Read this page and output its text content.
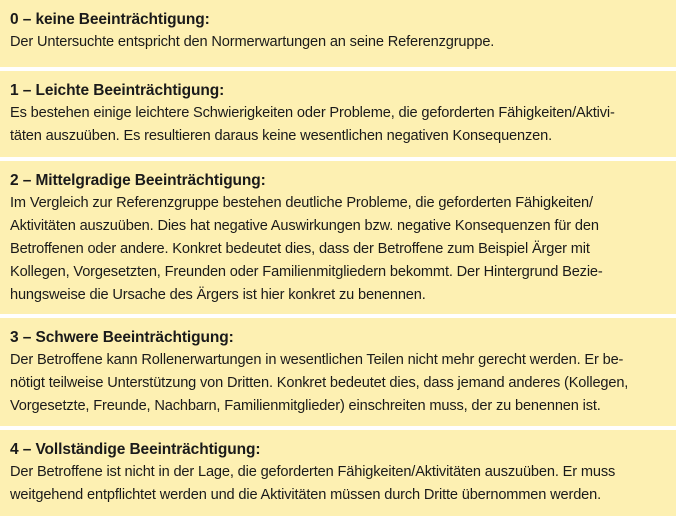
0 – keine Beeinträchtigung:
Der Untersuchte entspricht den Normerwartungen an seine Referenzgruppe.
1 – Leichte Beeinträchtigung:
Es bestehen einige leichtere Schwierigkeiten oder Probleme, die geforderten Fähigkeiten/Aktivi-
täten auszuüben. Es resultieren daraus keine wesentlichen negativen Konsequenzen.
2 – Mittelgradige Beeinträchtigung:
Im Vergleich zur Referenzgruppe bestehen deutliche Probleme, die geforderten Fähigkeiten/
Aktivitäten auszuüben. Dies hat negative Auswirkungen bzw. negative Konsequenzen für den
Betroffenen oder andere. Konkret bedeutet dies, dass der Betroffene zum Beispiel Ärger mit
Kollegen, Vorgesetzten, Freunden oder Familienmitgliedern bekommt. Der Hintergrund Bezie-
hungsweise die Ursache des Ärgers ist hier konkret zu benennen.
3 – Schwere Beeinträchtigung:
Der Betroffene kann Rollenerwartungen in wesentlichen Teilen nicht mehr gerecht werden. Er be-
nötigt teilweise Unterstützung von Dritten. Konkret bedeutet dies, dass jemand anderes (Kollegen,
Vorgesetzte, Freunde, Nachbarn, Familienmitglieder) einschreiten muss, der zu benennen ist.
4 – Vollständige Beeinträchtigung:
Der Betroffene ist nicht in der Lage, die geforderten Fähigkeiten/Aktivitäten auszuüben. Er muss
weitgehend entpflichtet werden und die Aktivitäten müssen durch Dritte übernommen werden.
